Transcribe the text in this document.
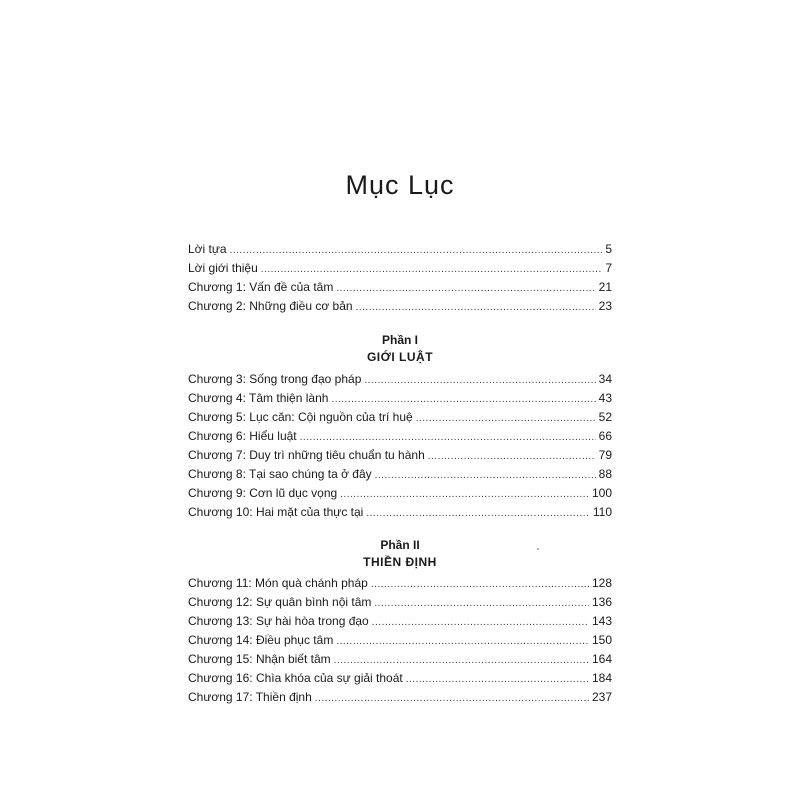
Mục Lục
Lời tựa .....	5
Lời giới thiệu .....	7
Chương 1: Vấn đề của tâm .....	21
Chương 2: Những điều cơ bản .....	23
Phần I
GIỚI LUẬT
Chương 3: Sống trong đạo pháp .....	34
Chương 4: Tâm thiện lành .....	43
Chương 5: Lục căn: Cội nguồn của trí huệ .....	52
Chương 6: Hiểu luật .....	66
Chương 7: Duy trì những tiêu chuẩn tu hành .....	79
Chương 8: Tại sao chúng ta ở đây .....	88
Chương 9: Cơn lũ dục vọng .....	100
Chương 10: Hai mặt của thực tại .....	110
Phần II
THIỀN ĐỊNH
Chương 11: Món quà chánh pháp .....	128
Chương 12: Sự quân bình nội tâm .....	136
Chương 13: Sự hài hòa trong đạo .....	143
Chương 14: Điều phục tâm .....	150
Chương 15: Nhận biết tâm .....	164
Chương 16: Chìa khóa của sự giải thoát .....	184
Chương 17: Thiền định .....	237
